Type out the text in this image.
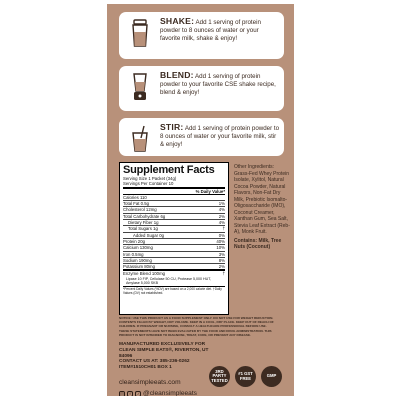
SHAKE: Add 1 serving of protein powder to 8 ounces of water or your favorite milk, shake & enjoy!
BLEND: Add 1 serving of protein powder to your favorite CSE shake recipe, blend & enjoy!
STIR: Add 1 serving of protein powder to 8 ounces of water or your favorite milk, stir & enjoy!
Supplement Facts
Serving Size 1 Packet (34g)
Servings Per Container 10
% Daily Value*
Calories 110
Total Fat 0.5g	1%
Cholesterol 12mg	4%
Total Carbohydrate 6g	2%
Dietary Fiber 1g	4%
Total Sugars 1g	†
Added Sugar 0g	0%
Protein 20g	40%
Calcium 130mg	10%
Iron 0.5mg	3%
Sodium 190mg	8%
Potassium 80mg	2%
Enzyme Blend 100mg	†
Lipase 10 FIP, Cellulase 50 CU, Protease 5,000 HUT, Amylase 5,000 SKB
*Percent Daily Values (%DV) are based on a 2,000 calorie diet. †Daily Values (DV) not established.
Other Ingredients: Grass-Fed Whey Protein Isolate, Xylitol, Natural Cocoa Powder, Natural Flavors, Non-Fat Dry Milk, Prebiotic Isomalto-Oligosaccharide (IMO), Coconut Creamer, Xanthan Gum, Sea Salt, Stevia Leaf Extract (Reb-A), Monk Fruit.
Contains: Milk, Tree Nuts (Coconut)

NOTICE: USE THIS PRODUCT AS A FOOD SUPPLEMENT ONLY. DO NOT USE FOR WEIGHT REDUCTION. CONTENTS FILLED BY WEIGHT, NOT VOLUME. KEEP IN A COOL, DRY PLACE. KEEP OUT OF REACH OF CHILDREN. IF PREGNANT OR NURSING, CONSULT A HEALTHCARE PROFESSIONAL BEFORE USE.

THESE STATEMENTS HAVE NOT BEEN EVALUATED BY THE FOOD AND DRUG ADMINISTRATION. THIS PRODUCT IS NOT INTENDED TO DIAGNOSE, TREAT, CURE, OR PREVENT ANY DISEASE.

MANUFACTURED EXCLUSIVELY FOR
CLEAN SIMPLE EATS®, RIVERTON, UT 84096
CONTACT US AT: 385-236-0262
ITEM#1510CH01 BOX 1
cleansimpleeats.com
◎	f	♪ @cleansimpleeats
3RD PARTY TESTED
#1 GST FREE	GMP
